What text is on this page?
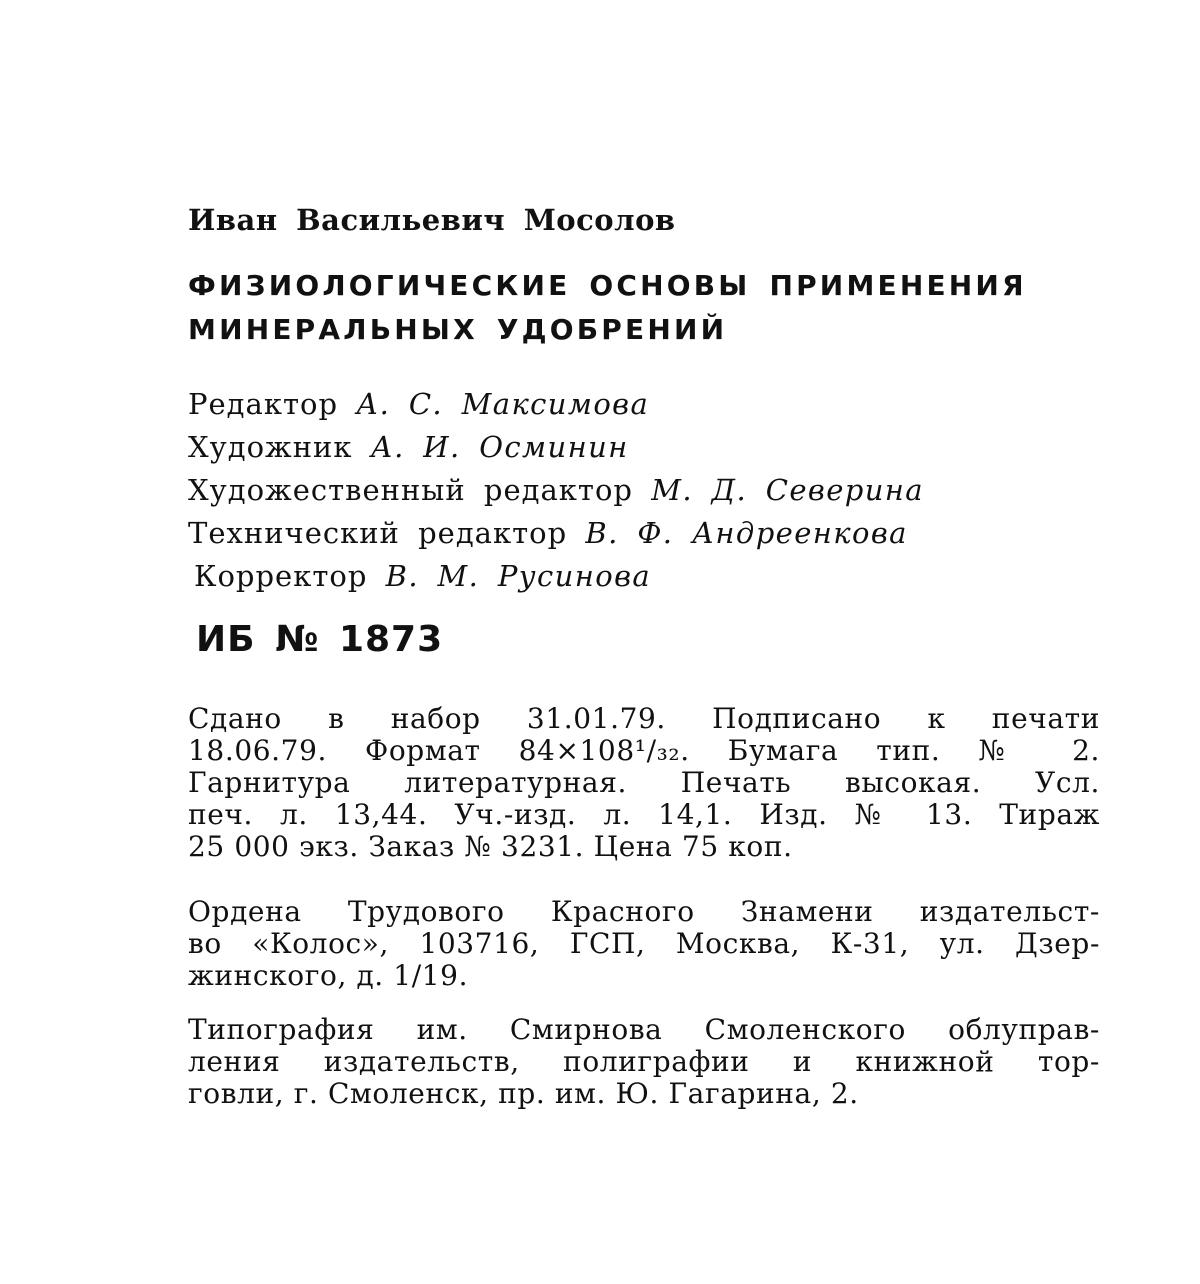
Иван Васильевич Мосолов
ФИЗИОЛОГИЧЕСКИЕ ОСНОВЫ ПРИМЕНЕНИЯ
МИНЕРАЛЬНЫХ УДОБРЕНИЙ
Редактор А. С. Максимова
Художник А. И. Осминин
Художественный редактор М. Д. Северина
Технический редактор В. Ф. Андреенкова
Корректор В. М. Русинова
ИБ № 1873
Сдано в набор 31.01.79. Подписано к печати
18.06.79. Формат 84×108¹/₃₂. Бумага тип. № 2.
Гарнитура литературная. Печать высокая. Усл.
печ. л. 13,44. Уч.-изд. л. 14,1. Изд. № 13. Тираж
25 000 экз. Заказ № 3231. Цена 75 коп.
Ордена Трудового Красного Знамени издательст-
во «Колос», 103716, ГСП, Москва, К-31, ул. Дзер-
жинского, д. 1/19.
Типография им. Смирнова Смоленского облуправ-
ления издательств, полиграфии и книжной тор-
говли, г. Смоленск, пр. им. Ю. Гагарина, 2.
